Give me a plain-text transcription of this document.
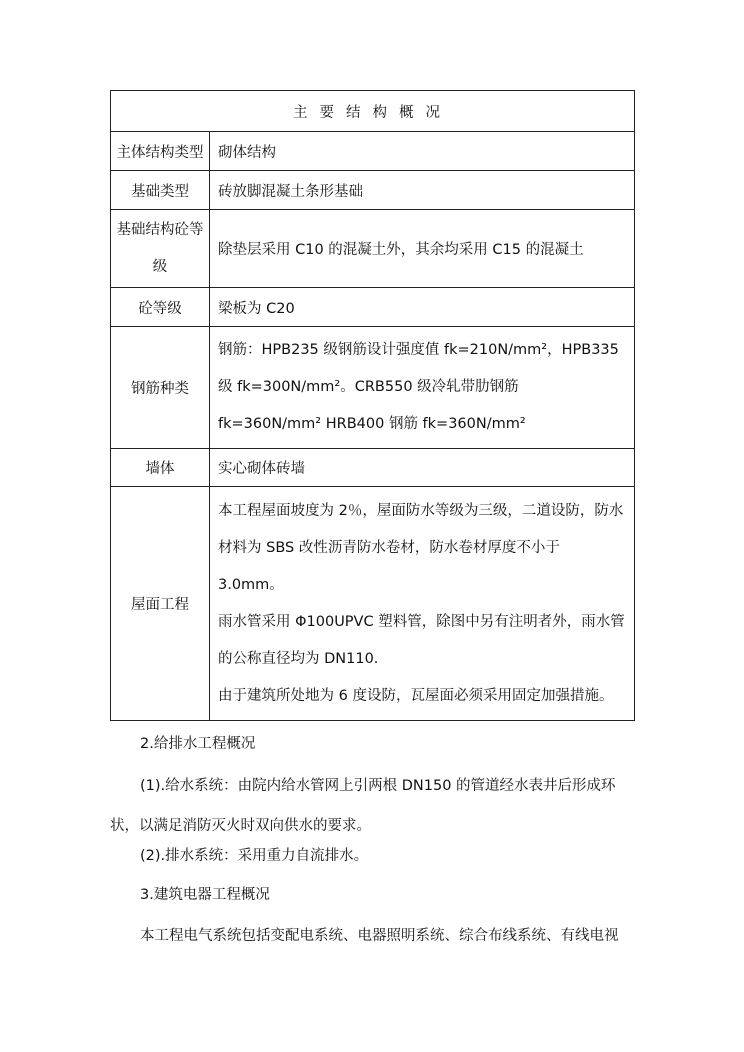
主要结构概况	
主体结构类型	砌体结构
基础类型	砖放脚混凝土条形基础
基础结构砼等级	除垫层采用 C10 的混凝土外，其余均采用 C15 的混凝土
砼等级	梁板为 C20
钢筋种类	钢筋：HPB235 级钢筋设计强度值 fk=210N/mm²，HPB335 级 fk=300N/mm²。CRB550 级冷轧带肋钢筋 fk=360N/mm² HRB400 钢筋 fk=360N/mm²
墙体	实心砌体砖墙
屋面工程	本工程屋面坡度为 2％，屋面防水等级为三级，二道设防，防水材料为 SBS 改性沥青防水卷材，防水卷材厚度不小于 3.0mm。
雨水管采用 Φ100UPVC 塑料管，除图中另有注明者外，雨水管的公称直径均为 DN110.
由于建筑所处地为 6 度设防，瓦屋面必须采用固定加强措施。
2.给排水工程概况
(1).给水系统：由院内给水管网上引两根 DN150 的管道经水表井后形成环状，以满足消防灭火时双向供水的要求。
(2).排水系统：采用重力自流排水。
3.建筑电器工程概况
本工程电气系统包括变配电系统、电器照明系统、综合布线系统、有线电视
